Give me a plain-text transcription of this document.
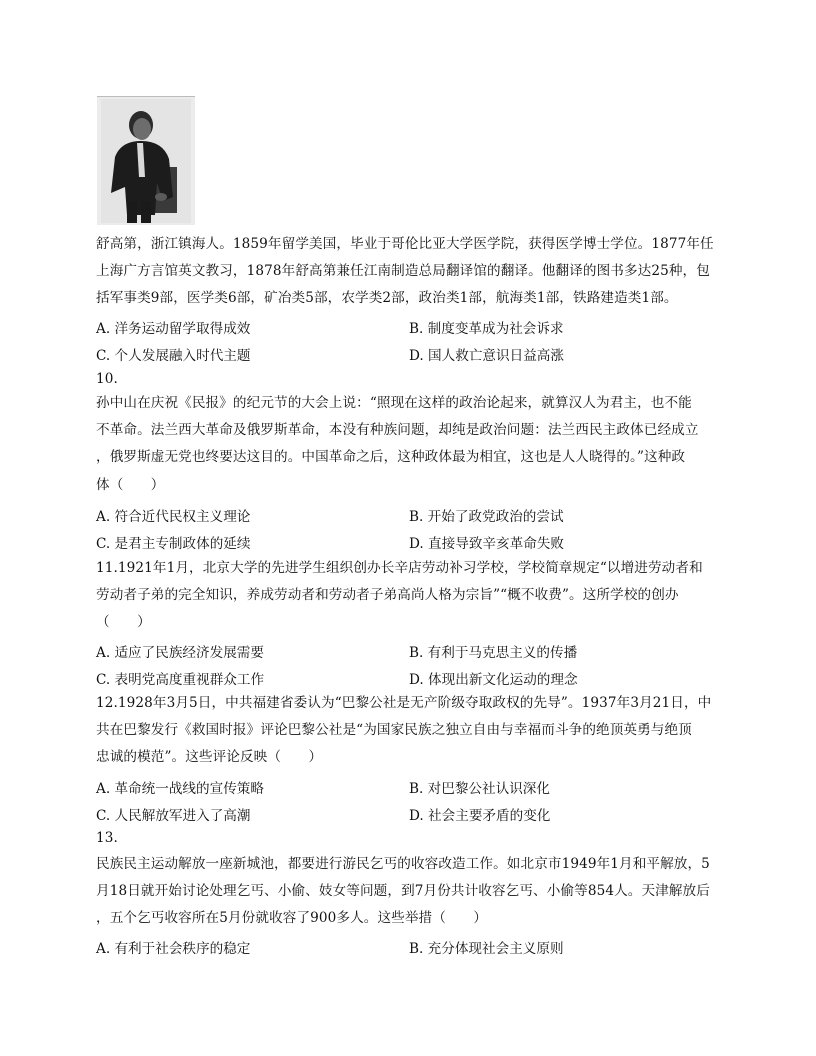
舒高第，浙江镇海人。1859年留学美国，毕业于哥伦比亚大学医学院，获得医学博士学位。1877年任
上海广方言馆英文教习，1878年舒高第兼任江南制造总局翻译馆的翻译。他翻译的图书多达25种，包
括军事类9部，医学类6部，矿冶类5部，农学类2部，政治类1部，航海类1部，铁路建造类1部。
A. 洋务运动留学取得成效	B. 制度变革成为社会诉求
C. 个人发展融入时代主题	D. 国人救亡意识日益高涨
10.
孙中山在庆祝《民报》的纪元节的大会上说：“照现在这样的政治论起来，就算汉人为君主，也不能
不革命。法兰西大革命及俄罗斯革命，本没有种族问题，却纯是政治问题：法兰西民主政体已经成立
，俄罗斯虚无党也终要达这目的。中国革命之后，这种政体最为相宜，这也是人人晓得的。”这种政
体（　　）
A. 符合近代民权主义理论	B. 开始了政党政治的尝试
C. 是君主专制政体的延续	D. 直接导致辛亥革命失败
11.1921年1月，北京大学的先进学生组织创办长辛店劳动补习学校，学校简章规定“以增进劳动者和
劳动者子弟的完全知识，养成劳动者和劳动者子弟高尚人格为宗旨”“概不收费”。这所学校的创办
（　　）
A. 适应了民族经济发展需要	B. 有利于马克思主义的传播
C. 表明党高度重视群众工作	D. 体现出新文化运动的理念
12.1928年3月5日，中共福建省委认为“巴黎公社是无产阶级夺取政权的先导”。1937年3月21日，中
共在巴黎发行《救国时报》评论巴黎公社是“为国家民族之独立自由与幸福而斗争的绝顶英勇与绝顶
忠诚的模范”。这些评论反映（　　）
A. 革命统一战线的宣传策略	B. 对巴黎公社认识深化
C. 人民解放军进入了高潮	D. 社会主要矛盾的变化
13.
民族民主运动解放一座新城池，都要进行游民乞丐的收容改造工作。如北京市1949年1月和平解放，5
月18日就开始讨论处理乞丐、小偷、妓女等问题，到7月份共计收容乞丐、小偷等854人。天津解放后
，五个乞丐收容所在5月份就收容了900多人。这些举措（　　）
A. 有利于社会秩序的稳定	B. 充分体现社会主义原则
